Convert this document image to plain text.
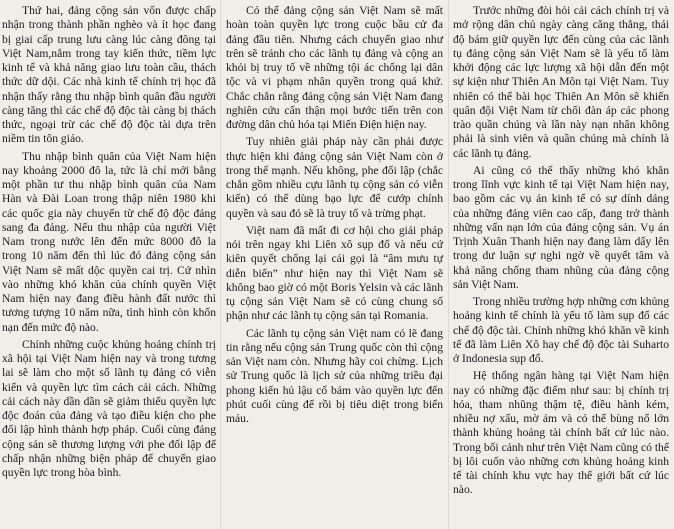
Thứ hai, đảng cộng sản vốn được chấp nhận trong thành phần nghèo và ít học đang bị giai cấp trung lưu càng lúc càng đông tại Việt Nam,nắm trong tay kiến thức, tiềm lực kinh tế và khả năng giao lưu toàn cầu, thách thức dữ dội. Các nhà kinh tế chính trị học đã nhận thấy rằng thu nhập bình quân đầu người càng tăng thì các chế độ độc tài càng bị thách thức, ngoại trừ các chế độ độc tài dựa trên niềm tin tôn giáo.

Thu nhập bình quân của Việt Nam hiện nay khoảng 2000 đô la, tức là chỉ mới bằng một phần tư thu nhập bình quân của Nam Hàn và Đài Loan trong thập niên 1980 khi các quốc gia này chuyển từ chế độ độc đảng sang đa đảng. Nếu thu nhập của người Việt Nam trong nước lên đến mức 8000 đô la trong 10 năm đến thì lúc đó đảng cộng sản Việt Nam sẽ mất dộc quyền cai trị. Cứ nhìn vào những khó khăn của chính quyền Việt Nam hiện nay đang điều hành đất nước thì tương tượng 10 năm nữa, tình hình còn khốn nạn đến mức độ nào.

Chính những cuộc khủng hoảng chính trị xã hội tại Việt Nam hiện nay và trong tương lai sẽ làm cho một số lãnh tụ đảng có viễn kiến và quyền lực tìm cách cải cách. Những cải cách này dần dần sẽ giảm thiểu quyền lực độc đoán của đảng và tạo điều kiện cho phe đối lập hình thành hợp pháp. Cuối cùng đảng cộng sản sẽ thương lượng với phe đối lập để chấp nhận những biện pháp để chuyển giao quyền lực trong hòa bình.

Có thể đảng cộng sản Việt Nam sẽ mất hoàn toàn quyền lực trong cuộc bầu cử đa đảng đầu tiên. Nhưng cách chuyển giao như trên sẽ tránh cho các lãnh tụ đảng và cộng an khỏi bị truy tố về những tội ác chống lại dân tộc và vi phạm nhân quyền trong quá khứ. Chắc chắn rằng đảng cộng sản Việt Nam đang nghiên cứu cẩn thận mọi bước tiến trên con đường dân chủ hóa tại Miến Điện hiện nay.

Tuy nhiên giải pháp này cần phải được thực hiện khi đảng cộng sản Việt Nam còn ở trong thế mạnh. Nếu không, phe đối lập (chắc chắn gồm nhiều cựu lãnh tụ cộng sản có viễn kiến) có thể dùng bạo lực để cướp chính quyền và sau đó sẽ là truy tố và trừng phạt.

Việt nam đã mất đi cơ hội cho giải pháp nói trên ngay khi Liên xô sụp đổ và nếu cứ kiên quyết chống lại cái gọi là “âm mưu tự diễn biến” như hiện nay thì Việt Nam sẽ không bao giờ có một Boris Yelsin và các lãnh tụ cộng sản Việt Nam sẽ có cùng chung số phận như các lãnh tụ cộng sản tại Romania.

Các lãnh tụ cộng sản Việt nam có lẽ đang tin rằng nếu cộng sản Trung quốc còn thì cộng sản Việt nam còn. Nhưng hãy coi chừng. Lịch sử Trung quốc là lịch sử của những triều đại phong kiến hủ lậu cố bám vào quyền lực đến phút cuối cùng để rồi bị tiêu diệt trong biển máu.

Trước những đòi hỏi cải cách chính trị và mở rộng dân chủ ngày càng căng thẳng, thái độ bám giữ quyền lực đến cùng của các lãnh tụ đảng cộng sản Việt Nam sẽ là yếu tố làm khởi động các lực lượng xã hội dẫn đến một sự kiện như Thiên An Môn tại Việt Nam. Tuy nhiên có thể bài học Thiên An Môn sẽ khiến quân đội Việt Nam từ chối đàn áp các phong trào quần chúng và lần này nạn nhân không phải là sinh viên và quần chúng mà chính là các lãnh tụ đảng.

Ai cũng có thể thấy những khó khăn trong lĩnh vực kinh tế tại Việt Nam hiện nay, bao gồm các vụ án kinh tế có sự dính dáng của những đảng viên cao cấp, đang trở thành những vấn nạn lớn của đảng cộng sản. Vụ án Trịnh Xuân Thanh hiện nay đang làm dấy lên trong dư luận sự nghi ngờ về quyết tâm và khả năng chống tham nhũng của đảng cộng sản Việt Nam.

Trong nhiều trường hợp những cơn khủng hoảng kinh tế chính là yếu tố làm sụp đổ các chế độ độc tài. Chính những khó khăn về kinh tế đã làm Liên Xô hay chế độ độc tài Suharto ở Indonesia sụp đổ.

Hệ thống ngân hàng tại Việt Nam hiện nay có những đặc điểm như sau: bị chính trị hóa, tham nhũng thậm tệ, điều hành kém, nhiều nợ xấu, mờ ám và có thể bùng nổ lớn thành khủng hoảng tài chính bất cứ lúc nào. Trong bối cảnh như trên Việt Nam cũng có thể bị lôi cuốn vào những cơn khủng hoảng kinh tế tài chính khu vực hay thế giới bất cứ lúc nào.
